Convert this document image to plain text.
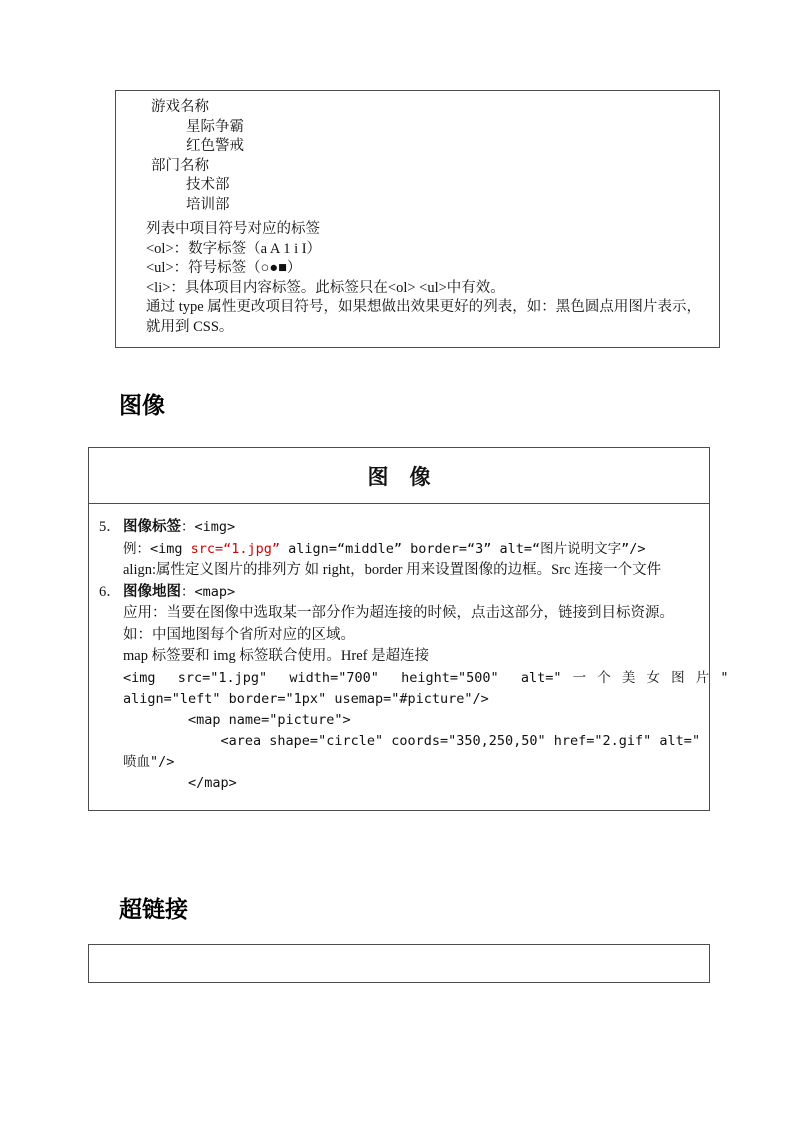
游戏名称
星际争霸
红色警戒
部门名称
技术部
培训部

列表中项目符号对应的标签

<ol>：数字标签（a A 1 i I）

<ul>：符号标签（○●■）

<li>：具体项目内容标签。此标签只在<ol> <ul>中有效。

通过 type 属性更改项目符号，如果想做出效果更好的列表，如：黑色圆点用图片表示，就用到 CSS。

图像
图　像
5． 图像标签：<img>
例：<img src=“1.jpg” align=“middle” border=“3” alt=“图片说明文字”/>
align:属性定义图片的排列方 如 right，border 用来设置图像的边框。Src 连接一个文件
6． 图像地图：<map>
应用：当要在图像中选取某一部分作为超连接的时候，点击这部分，链接到目标资源。
如：中国地图每个省所对应的区域。
map 标签要和 img 标签联合使用。Href 是超连接
<img  src="1.jpg"  width="700"  height="500"  alt=" 一 个 美 女 图 片 "
align="left" border="1px" usemap="#picture"/>
<map name="picture">
<area shape="circle" coords="350,250,50" href="2.gif" alt="
喷血"/>
</map>
超链接
